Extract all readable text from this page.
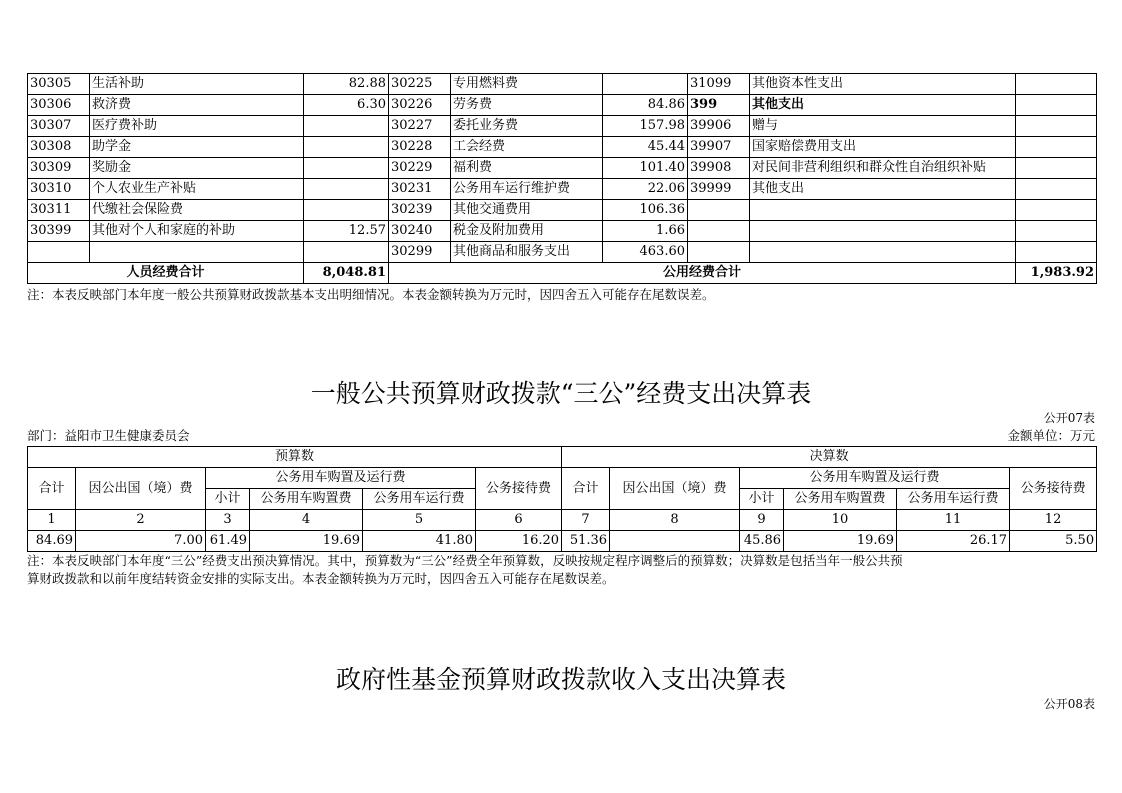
30305	生活补助	82.88	30225	专用燃料费		31099	其他资本性支出	
30306	救济费	6.30	30226	劳务费	84.86	399	其他支出	
30307	医疗费补助		30227	委托业务费	157.98	39906	赠与	
30308	助学金		30228	工会经费	45.44	39907	国家赔偿费用支出	
30309	奖励金		30229	福利费	101.40	39908	对民间非营利组织和群众性自治组织补贴	
30310	个人农业生产补贴		30231	公务用车运行维护费	22.06	39999	其他支出	
30311	代缴社会保险费		30239	其他交通费用	106.36			
30399	其他对个人和家庭的补助	12.57	30240	税金及附加费用	1.66			
			30299	其他商品和服务支出	463.60			
人员经费合计		8,048.81	公用经费合计					1,983.92
注：本表反映部门本年度一般公共预算财政拨款基本支出明细情况。本表金额转换为万元时，因四舍五入可能存在尾数误差。
一般公共预算财政拨款“三公”经费支出决算表
公开07表
部门：益阳市卫生健康委员会	金额单位：万元
预算数						决算数					
合计	因公出国（境）费	公务用车购置及运行费			公务接待费	合计	因公出国（境）费	公务用车购置及运行费			公务接待费
		小计	公务用车购置费	公务用车运行费				小计	公务用车购置费	公务用车运行费	
1	2	3	4	5	6	7	8	9	10	11	12
84.69	7.00	61.49	19.69	41.80	16.20	51.36		45.86	19.69	26.17	5.50
注：本表反映部门本年度“三公”经费支出预决算情况。其中，预算数为“三公”经费全年预算数，反映按规定程序调整后的预算数；决算数是包括当年一般公共预
算财政拨款和以前年度结转资金安排的实际支出。本表金额转换为万元时，因四舍五入可能存在尾数误差。
政府性基金预算财政拨款收入支出决算表
公开08表
